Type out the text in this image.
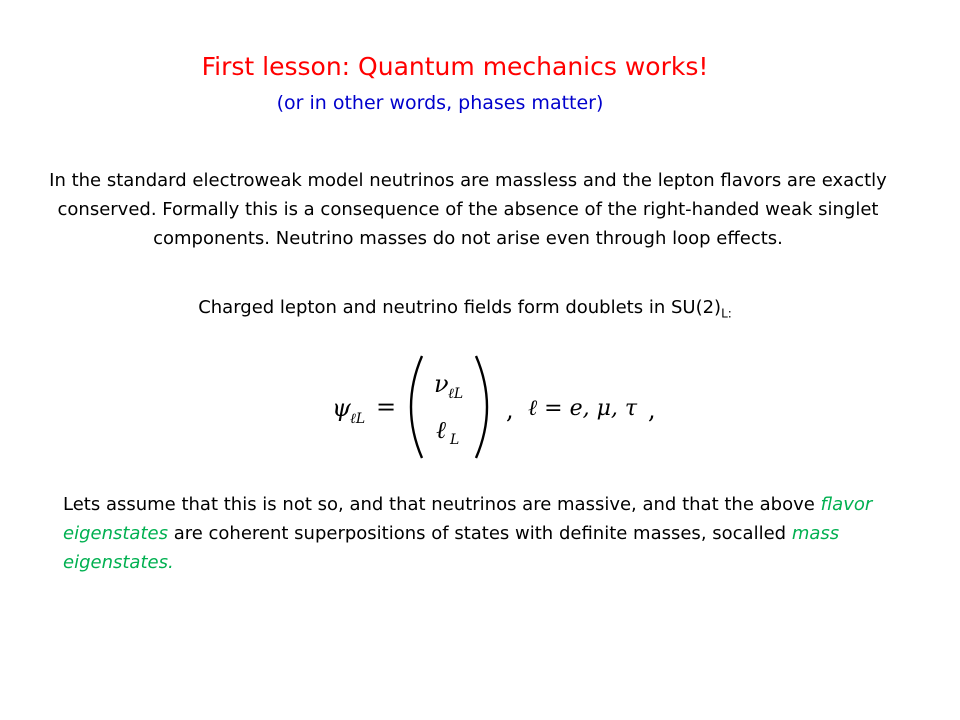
First lesson: Quantum mechanics works!
(or in other words, phases matter)
In the standard electroweak model neutrinos are massless and the lepton flavors are exactly conserved. Formally this is a consequence of the absence of the right-handed weak singlet components. Neutrino masses do not arise even through loop effects.
Charged lepton and neutrino fields form doublets in $SU(2)_{L:}$
ψ ℓL =
ν ℓL
ℓ L
, ℓ = e, μ, τ ,
Lets assume that this is not so, and that neutrinos are massive, and that the above flavor eigenstates are coherent superpositions of states with definite masses, socalled mass eigenstates.
